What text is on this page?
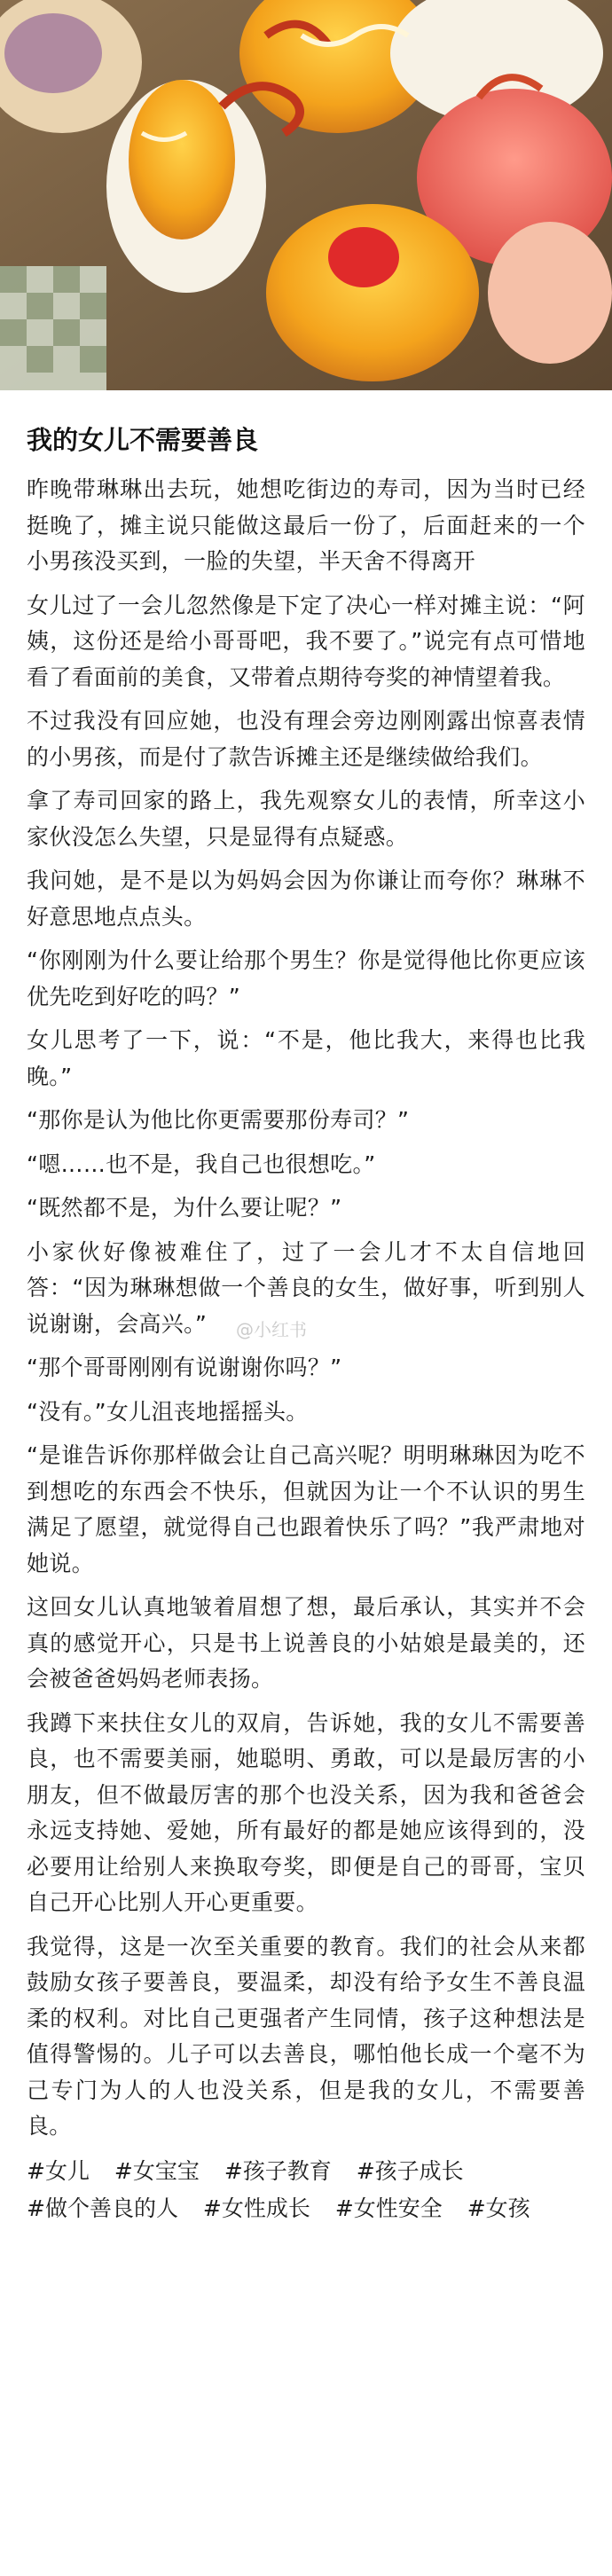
我的女儿不需要善良
昨晚带琳琳出去玩，她想吃街边的寿司，因为当时已经挺晚了，摊主说只能做这最后一份了，后面赶来的一个小男孩没买到，一脸的失望，半天舍不得离开
女儿过了一会儿忽然像是下定了决心一样对摊主说：“阿姨，这份还是给小哥哥吧，我不要了。”说完有点可惜地看了看面前的美食，又带着点期待夸奖的神情望着我。
不过我没有回应她，也没有理会旁边刚刚露出惊喜表情的小男孩，而是付了款告诉摊主还是继续做给我们。
拿了寿司回家的路上，我先观察女儿的表情，所幸这小家伙没怎么失望，只是显得有点疑惑。
我问她，是不是以为妈妈会因为你谦让而夸你？琳琳不好意思地点点头。
“你刚刚为什么要让给那个男生？你是觉得他比你更应该优先吃到好吃的吗？”
女儿思考了一下，说：“不是，他比我大，来得也比我晚。”
“那你是认为他比你更需要那份寿司？”
“嗯……也不是，我自己也很想吃。”
“既然都不是，为什么要让呢？”
小家伙好像被难住了，过了一会儿才不太自信地回答：“因为琳琳想做一个善良的女生，做好事，听到别人说谢谢，会高兴。”
“那个哥哥刚刚有说谢谢你吗？”
“没有。”女儿沮丧地摇摇头。
“是谁告诉你那样做会让自己高兴呢？明明琳琳因为吃不到想吃的东西会不快乐，但就因为让一个不认识的男生满足了愿望，就觉得自己也跟着快乐了吗？”我严肃地对她说。
这回女儿认真地皱着眉想了想，最后承认，其实并不会真的感觉开心，只是书上说善良的小姑娘是最美的，还会被爸爸妈妈老师表扬。
我蹲下来扶住女儿的双肩，告诉她，我的女儿不需要善良，也不需要美丽，她聪明、勇敢，可以是最厉害的小朋友，但不做最厉害的那个也没关系，因为我和爸爸会永远支持她、爱她，所有最好的都是她应该得到的，没必要用让给别人来换取夸奖，即便是自己的哥哥，宝贝自己开心比别人开心更重要。
我觉得，这是一次至关重要的教育。我们的社会从来都鼓励女孩子要善良，要温柔，却没有给予女生不善良温柔的权利。对比自己更强者产生同情，孩子这种想法是值得警惕的。儿子可以去善良，哪怕他长成一个毫不为己专门为人的人也没关系，但是我的女儿，不需要善良。
#女儿 #女宝宝 #孩子教育 #孩子成长 #做个善良的人 #女性成长 #女性安全 #女孩
@小红书
